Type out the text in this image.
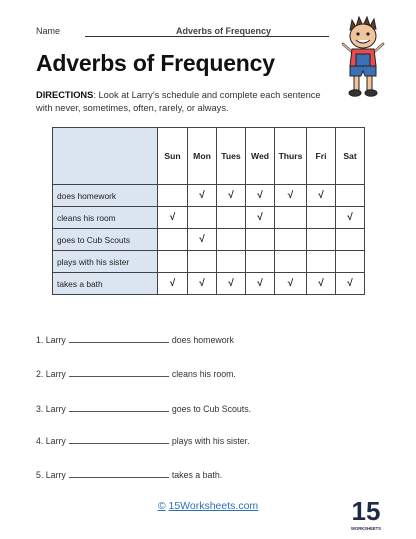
Name	Adverbs of Frequency
Adverbs of Frequency
DIRECTIONS: Look at Larry’s schedule and complete each sentence with never, sometimes, often, rarely, or always.
	Sun	Mon	Tues	Wed	Thurs	Fri	Sat
does homework		√	√	√	√	√	
cleans his room	√			√			√
goes to Cub Scouts		√					
plays with his sister							
takes a bath	√	√	√	√	√	√	√
1. Larry	does homework
2. Larry	cleans his room.
3. Larry	goes to Cub Scouts.
4. Larry	plays with his sister.
5. Larry	takes a bath.
© 15Worksheets.com	15
WORKSHEETS
